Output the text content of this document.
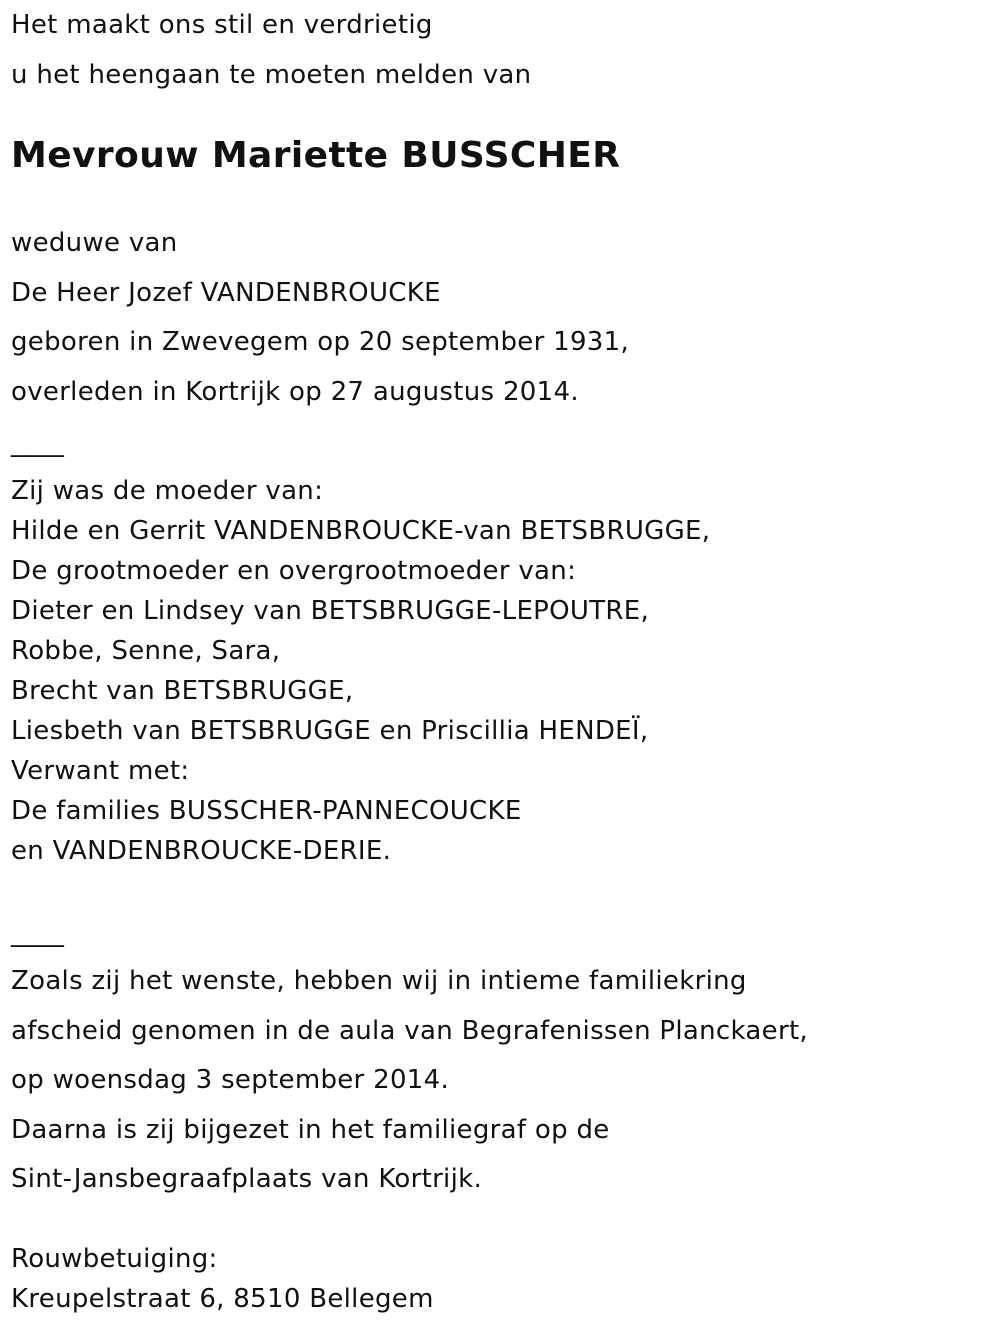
Het maakt ons stil en verdrietig
u het heengaan te moeten melden van
Mevrouw Mariette BUSSCHER
weduwe van
De Heer Jozef VANDENBROUCKE
geboren in Zwevegem op 20 september 1931,
overleden in Kortrijk op 27 augustus 2014.
____
Zij was de moeder van:
Hilde en Gerrit VANDENBROUCKE-van BETSBRUGGE,
De grootmoeder en overgrootmoeder van:
Dieter en Lindsey van BETSBRUGGE-LEPOUTRE,
Robbe, Senne, Sara,
Brecht van BETSBRUGGE,
Liesbeth van BETSBRUGGE en Priscillia HENDEÏ,
Verwant met:
De families BUSSCHER-PANNECOUCKE
en VANDENBROUCKE-DERIE.
____
Zoals zij het wenste, hebben wij in intieme familiekring
afscheid genomen in de aula van Begrafenissen Planckaert,
op woensdag 3 september 2014.
Daarna is zij bijgezet in het familiegraf op de
Sint-Jansbegraafplaats van Kortrijk.
Rouwbetuiging:
Kreupelstraat 6, 8510 Bellegem
